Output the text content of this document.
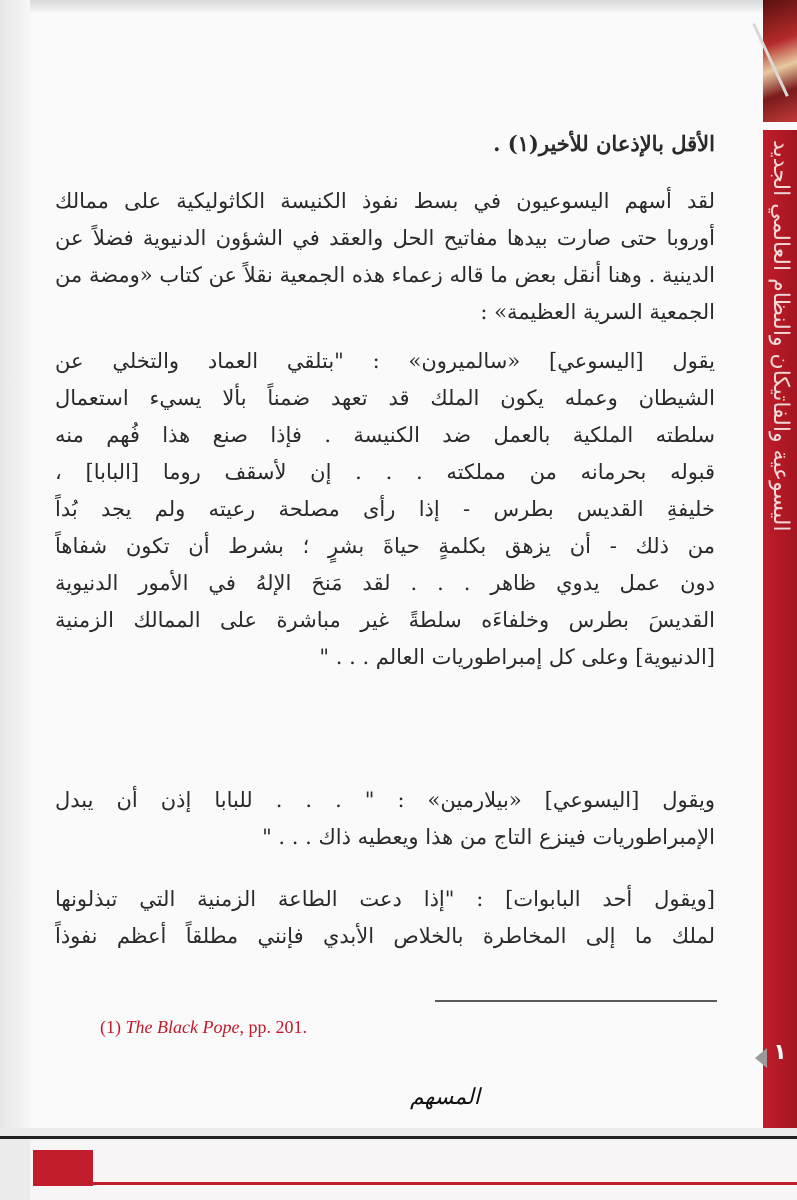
اليسوعية والفاتيكان والنظام العالمي الجديد
١
الأقل بالإذعان للأخير(١) .
لقد أسهم اليسوعيون في بسط نفوذ الكنيسة الكاثوليكية على ممالك
أوروبا حتى صارت بيدها مفاتيح الحل والعقد في الشؤون الدنيوية فضلاً عن
الدينية . وهنا أنقل بعض ما قاله زعماء هذه الجمعية نقلاً عن كتاب «ومضة من
الجمعية السرية العظيمة» :
يقول [اليسوعي] «سالميرون» : "بتلقي العماد والتخلي عن
الشيطان وعمله يكون الملك قد تعهد ضمناً بألا يسيء استعمال
سلطته الملكية بالعمل ضد الكنيسة . فإذا صنع هذا فُهم منه
قبوله بحرمانه من مملكته . . . إن لأسقف روما [البابا] ،
خليفةِ القديس بطرس - إذا رأى مصلحة رعيته ولم يجد بُداً
من ذلك - أن يزهق بكلمةٍ حياةَ بشرٍ ؛ بشرط أن تكون شفاهاً
دون عمل يدوي ظاهر . . . لقد مَنحَ الإلهُ في الأمور الدنيوية
القديسَ بطرس وخلفاءَه سلطةً غير مباشرة على الممالك الزمنية
[الدنيوية] وعلى كل إمبراطوريات العالم . . . "
ويقول [اليسوعي] «بيلارمين» : " . . . للبابا إذن أن يبدل
الإمبراطوريات فينزع التاج من هذا ويعطيه ذاك . . . "
[ويقول أحد البابوات] : "إذا دعت الطاعة الزمنية التي تبذلونها
لملك ما إلى المخاطرة بالخلاص الأبدي فإنني مطلقاً أعظم نفوذاً
(1) The Black Pope, pp. 201.
المسهم
